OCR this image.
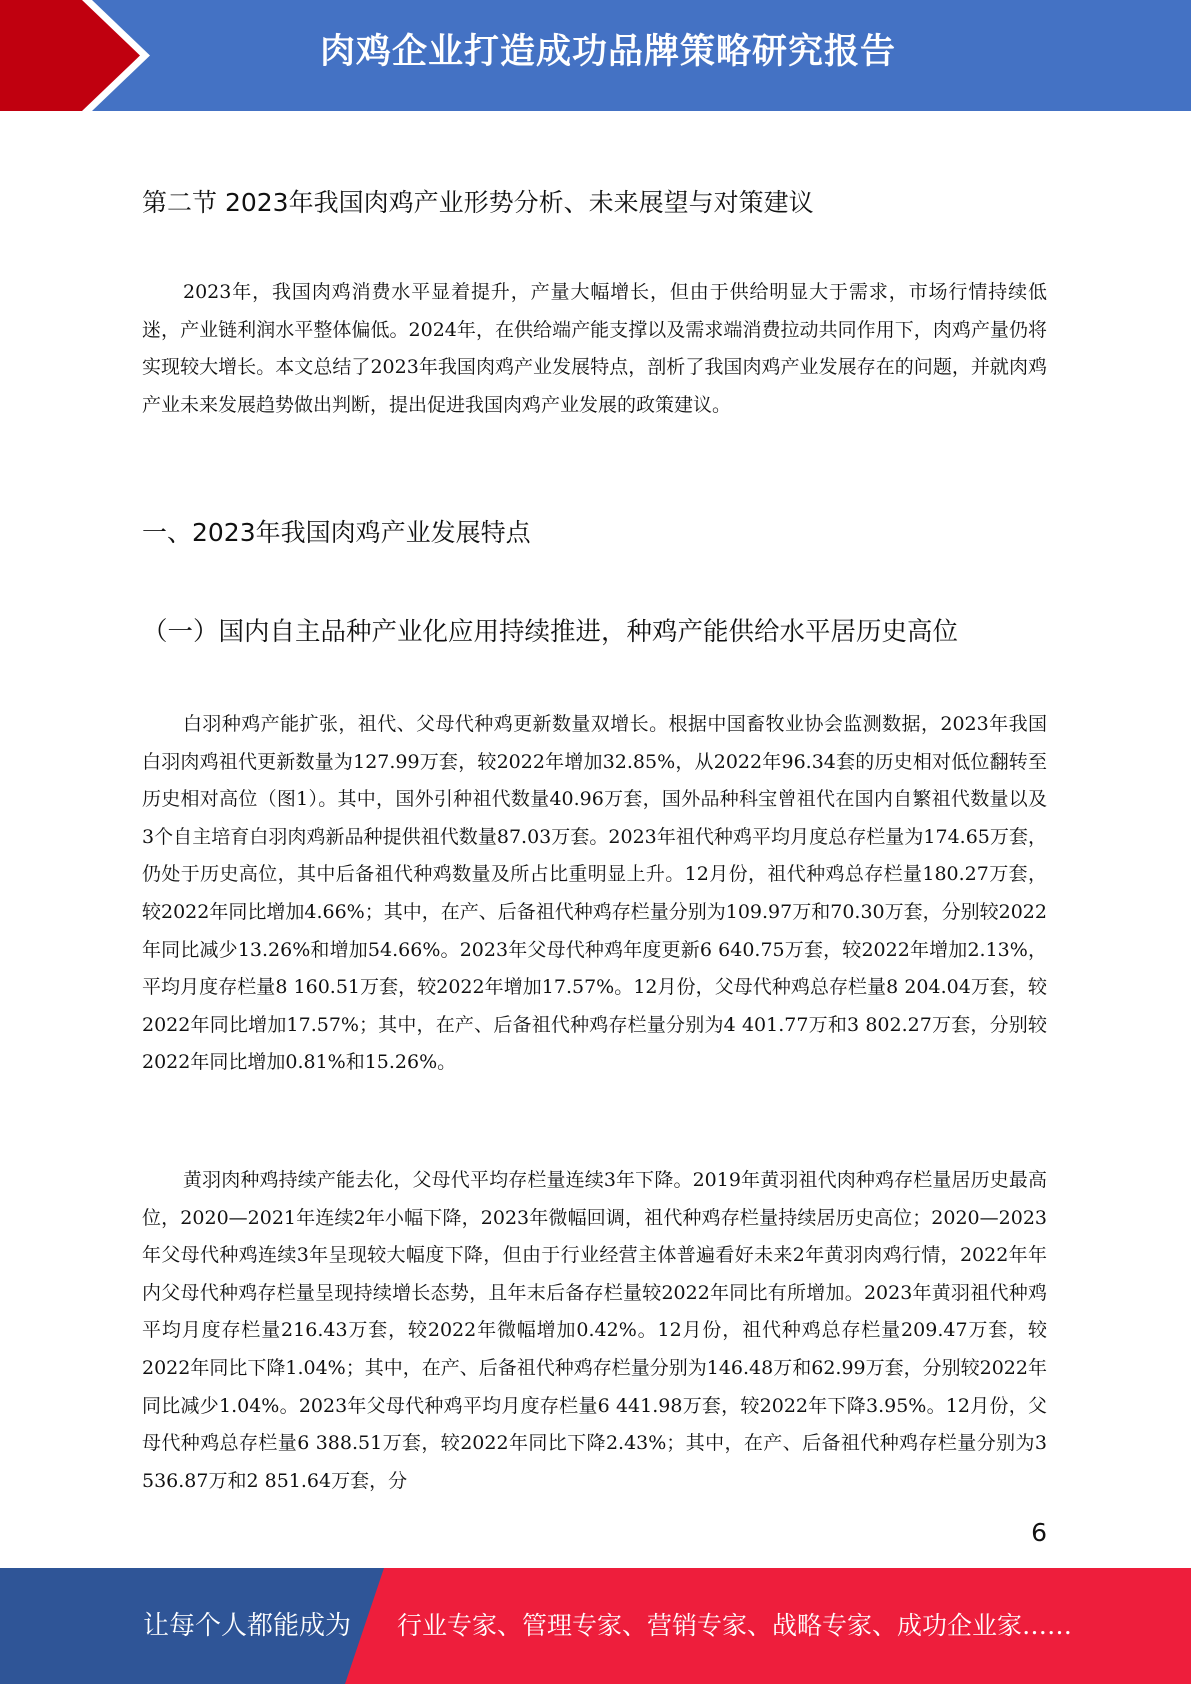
肉鸡企业打造成功品牌策略研究报告
第二节 2023年我国肉鸡产业形势分析、未来展望与对策建议

2023年，我国肉鸡消费水平显着提升，产量大幅增长，但由于供给明显大于需求，市场行情持续低迷，产业链利润水平整体偏低。2024年，在供给端产能支撑以及需求端消费拉动共同作用下，肉鸡产量仍将实现较大增长。本文总结了2023年我国肉鸡产业发展特点，剖析了我国肉鸡产业发展存在的问题，并就肉鸡产业未来发展趋势做出判断，提出促进我国肉鸡产业发展的政策建议。

一、2023年我国肉鸡产业发展特点
（一）国内自主品种产业化应用持续推进，种鸡产能供给水平居历史高位

白羽种鸡产能扩张，祖代、父母代种鸡更新数量双增长。根据中国畜牧业协会监测数据，2023年我国白羽肉鸡祖代更新数量为127.99万套，较2022年增加32.85%，从2022年96.34套的历史相对低位翻转至历史相对高位（图1）。其中，国外引种祖代数量40.96万套，国外品种科宝曾祖代在国内自繁祖代数量以及3个自主培育白羽肉鸡新品种提供祖代数量87.03万套。2023年祖代种鸡平均月度总存栏量为174.65万套，仍处于历史高位，其中后备祖代种鸡数量及所占比重明显上升。12月份，祖代种鸡总存栏量180.27万套，较2022年同比增加4.66%；其中，在产、后备祖代种鸡存栏量分别为109.97万和70.30万套，分别较2022年同比减少13.26%和增加54.66%。2023年父母代种鸡年度更新6 640.75万套，较2022年增加2.13%，平均月度存栏量8 160.51万套，较2022年增加17.57%。12月份，父母代种鸡总存栏量8 204.04万套，较2022年同比增加17.57%；其中，在产、后备祖代种鸡存栏量分别为4 401.77万和3 802.27万套，分别较2022年同比增加0.81%和15.26%。

黄羽肉种鸡持续产能去化，父母代平均存栏量连续3年下降。2019年黄羽祖代肉种鸡存栏量居历史最高位，2020—2021年连续2年小幅下降，2023年微幅回调，祖代种鸡存栏量持续居历史高位；2020—2023年父母代种鸡连续3年呈现较大幅度下降，但由于行业经营主体普遍看好未来2年黄羽肉鸡行情，2022年年内父母代种鸡存栏量呈现持续增长态势，且年末后备存栏量较2022年同比有所增加。2023年黄羽祖代种鸡平均月度存栏量216.43万套，较2022年微幅增加0.42%。12月份，祖代种鸡总存栏量209.47万套，较2022年同比下降1.04%；其中，在产、后备祖代种鸡存栏量分别为146.48万和62.99万套，分别较2022年同比减少1.04%。2023年父母代种鸡平均月度存栏量6 441.98万套，较2022年下降3.95%。12月份，父母代种鸡总存栏量6 388.51万套，较2022年同比下降2.43%；其中，在产、后备祖代种鸡存栏量分别为3 536.87万和2 851.64万套，分

6
让每个人都能成为 行业专家、管理专家、营销专家、战略专家、成功企业家……
